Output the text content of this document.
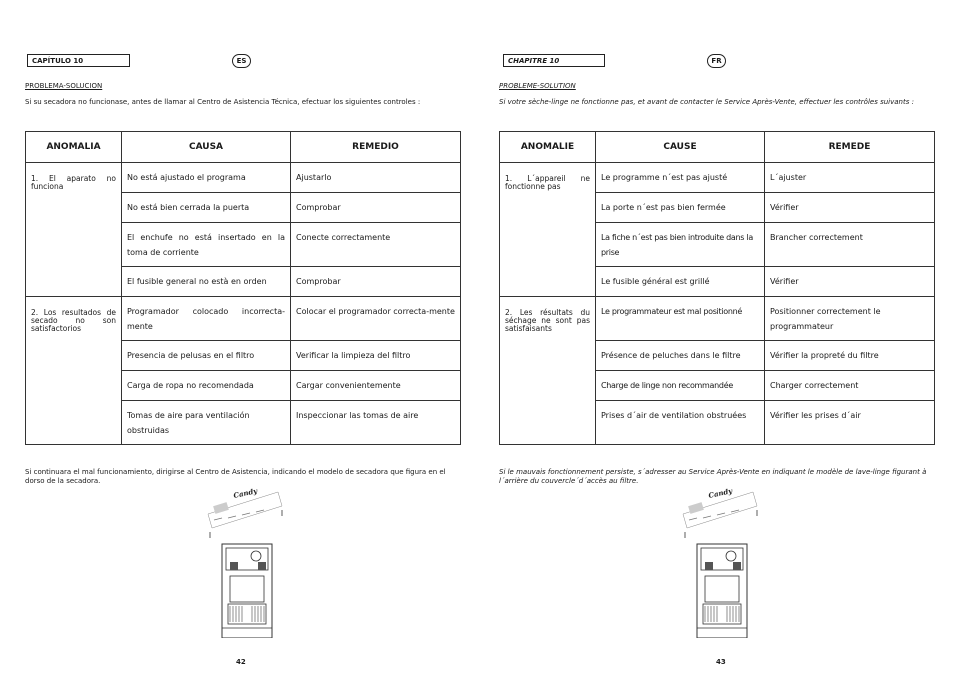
CAPÍTULO 10	ES
PROBLEMA-SOLUCION
Si su secadora no funcionase, antes de llamar al Centro de Asistencia Técnica, efectuar los siguientes controles :
ANOMALIA	CAUSA	REMEDIO

1. El aparato no funciona	No está ajustado el programa	Ajustarlo

	No está bien cerrada la puerta	Comprobar

	El enchufe no está insertado en la toma de corriente	Conecte correctamente

	El fusible general no està en orden	Comprobar

2. Los resultados de secado no son satisfactorios	Programador colocado incorrecta-mente	Colocar el programador correcta-mente

	Presencia de pelusas en el filtro	Verificar la limpieza del filtro

	Carga de ropa no recomendada	Cargar convenientemente

	Tomas de aire para ventilación obstruidas	Inspeccionar las tomas de aire
Si continuara el mal funcionamiento, dirigirse al Centro de Asistencia, indicando el modelo de secadora que figura en el dorso de la secadora.
Candy
42
CHAPITRE 10	FR
PROBLEME-SOLUTION
Si votre sèche-linge ne fonctionne pas, et avant de contacter le Service Après-Vente, effectuer les contrôles suivants :
ANOMALIE	CAUSE	REMEDE

1. L´appareil ne fonctionne pas	Le programme n´est pas ajusté	L´ajuster

	La porte n´est pas bien fermée	Vérifier

	La fiche n´est pas bien introduite dans la prise	Brancher correctement

	Le fusible général est grillé	Vérifier

2. Les résultats du séchage ne sont pas satisfaisants	Le programmateur est mal positionné	Positionner correctement le programmateur

	Présence de peluches dans le filtre	Vérifier la propreté du filtre

	Charge de linge non recommandée	Charger correctement

	Prises d´air de ventilation obstruées	Vérifier les prises d´air
Si le mauvais fonctionnement persiste, s´adresser au Service Après-Vente en indiquant le modèle de lave-linge figurant à l´arrière du couvercle´d´accès au filtre.
Candy
43
